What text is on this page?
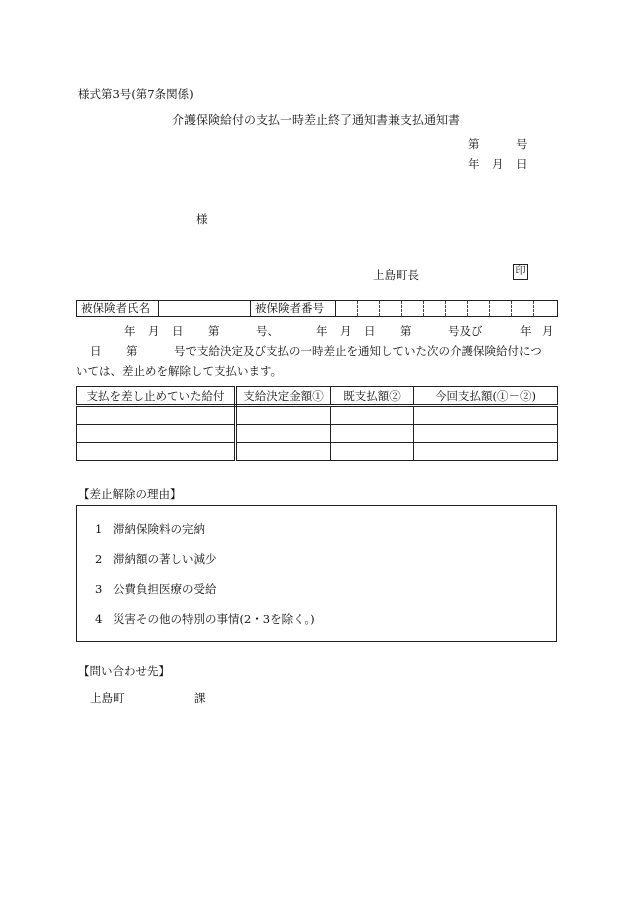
様式第3号(第7条関係)
介護保険給付の支払一時差止終了通知書兼支払通知書
第	号
年 月 日
様
上島町長	印
被保険者氏名		被保険者番号										
年 月 日 第	号、	年 月 日 第	号及び	年 月
日 第	号で支給決定及び支払の一時差止を通知していた次の介護保険給付につ
いては、差止めを解除して支払います。
支払を差し止めていた給付	支給決定金額①	既支払額②	今回支払額(①－②)

【差止解除の理由】
1 滞納保険料の完納
2 滞納額の著しい減少
3 公費負担医療の受給
4 災害その他の特別の事情(2・3を除く。)
【問い合わせ先】
上島町	課
